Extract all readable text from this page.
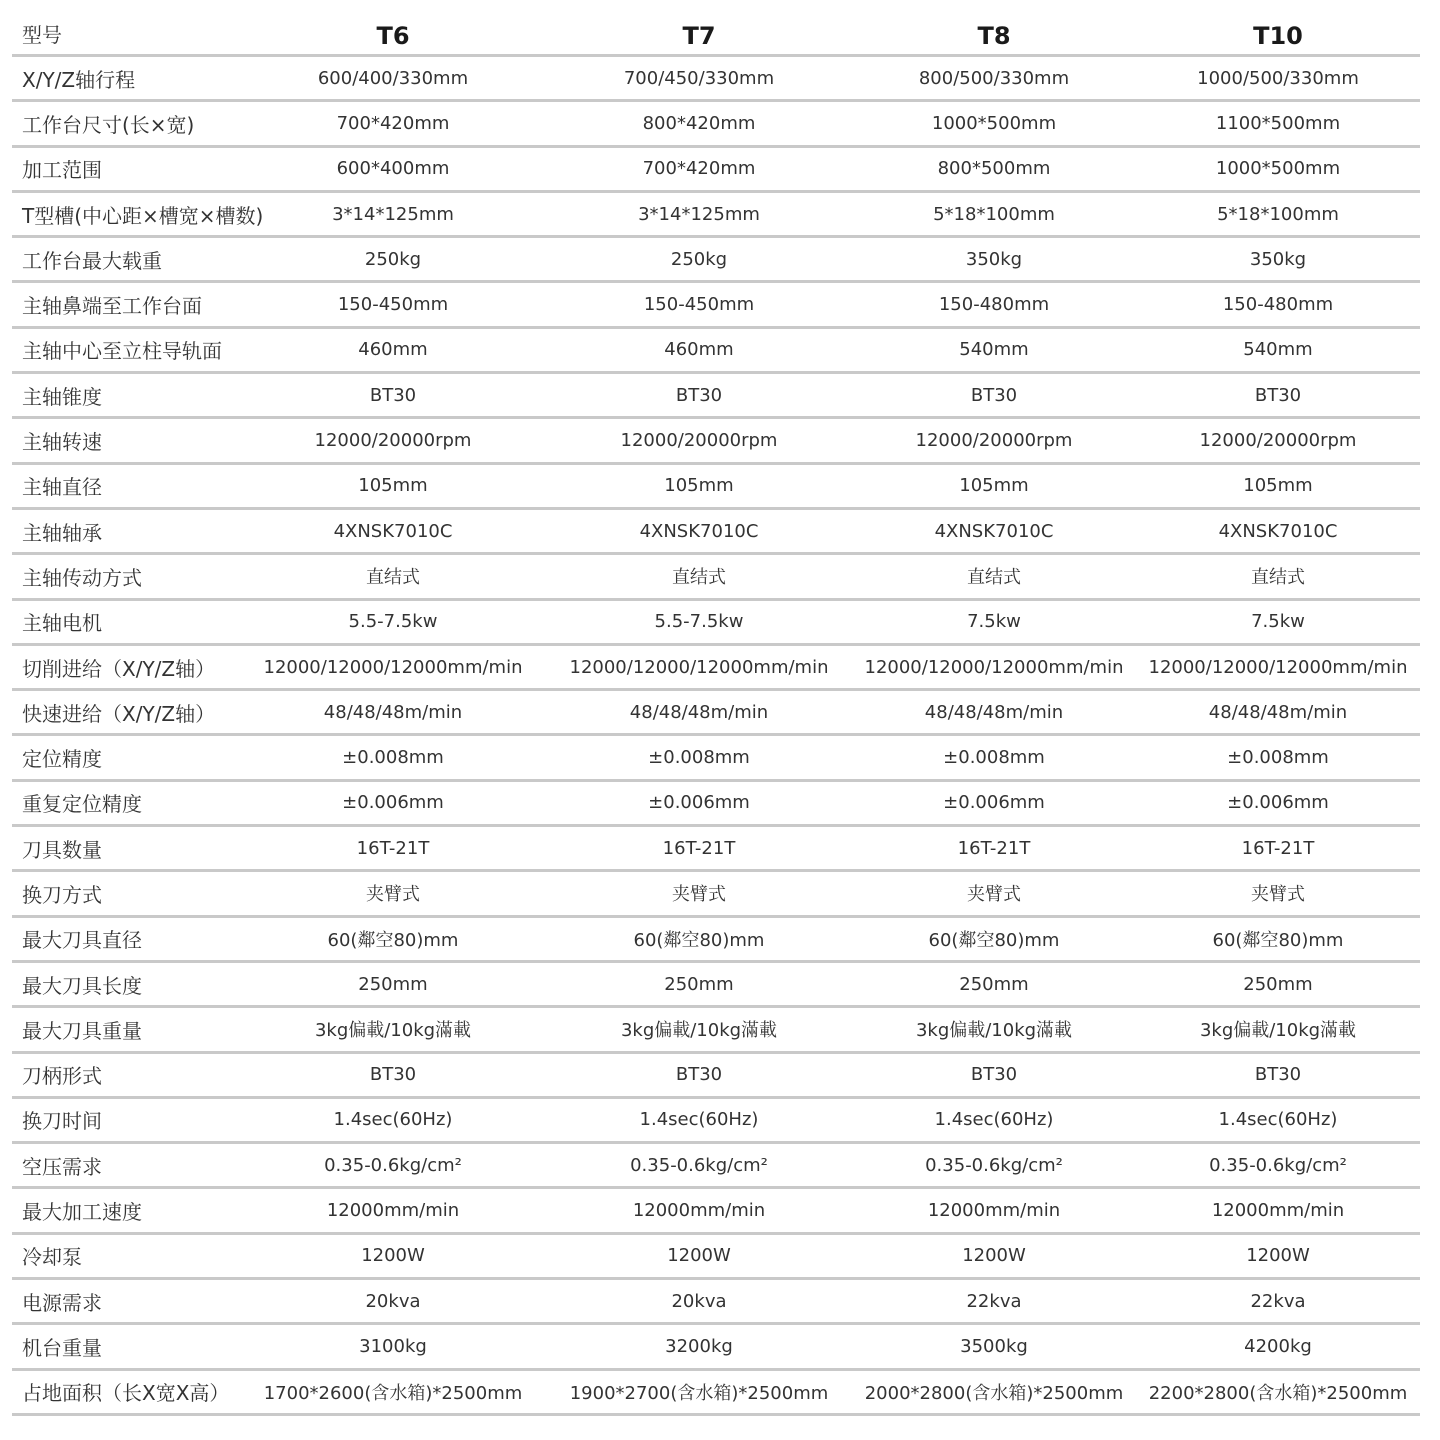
型号	T6	T7	T8	T10
X/Y/Z轴行程	600/400/330mm	700/450/330mm	800/500/330mm	1000/500/330mm
工作台尺寸(长×宽)	700*420mm	800*420mm	1000*500mm	1100*500mm
加工范围	600*400mm	700*420mm	800*500mm	1000*500mm
T型槽(中心距×槽宽×槽数)	3*14*125mm	3*14*125mm	5*18*100mm	5*18*100mm
工作台最大载重	250kg	250kg	350kg	350kg
主轴鼻端至工作台面	150-450mm	150-450mm	150-480mm	150-480mm
主轴中心至立柱导轨面	460mm	460mm	540mm	540mm
主轴锥度	BT30	BT30	BT30	BT30
主轴转速	12000/20000rpm	12000/20000rpm	12000/20000rpm	12000/20000rpm
主轴直径	105mm	105mm	105mm	105mm
主轴轴承	4XNSK7010C	4XNSK7010C	4XNSK7010C	4XNSK7010C
主轴传动方式	直结式	直结式	直结式	直结式
主轴电机	5.5-7.5kw	5.5-7.5kw	7.5kw	7.5kw
切削进给（X/Y/Z轴）	12000/12000/12000mm/min	12000/12000/12000mm/min	12000/12000/12000mm/min	12000/12000/12000mm/min
快速进给（X/Y/Z轴）	48/48/48m/min	48/48/48m/min	48/48/48m/min	48/48/48m/min
定位精度	±0.008mm	±0.008mm	±0.008mm	±0.008mm
重复定位精度	±0.006mm	±0.006mm	±0.006mm	±0.006mm
刀具数量	16T-21T	16T-21T	16T-21T	16T-21T
换刀方式	夹臂式	夹臂式	夹臂式	夹臂式
最大刀具直径	60(鄰空80)mm	60(鄰空80)mm	60(鄰空80)mm	60(鄰空80)mm
最大刀具长度	250mm	250mm	250mm	250mm
最大刀具重量	3kg偏載/10kg滿載	3kg偏載/10kg滿載	3kg偏載/10kg滿載	3kg偏載/10kg滿載
刀柄形式	BT30	BT30	BT30	BT30
换刀时间	1.4sec(60Hz)	1.4sec(60Hz)	1.4sec(60Hz)	1.4sec(60Hz)
空压需求	0.35-0.6kg/cm²	0.35-0.6kg/cm²	0.35-0.6kg/cm²	0.35-0.6kg/cm²
最大加工速度	12000mm/min	12000mm/min	12000mm/min	12000mm/min
冷却泵	1200W	1200W	1200W	1200W
电源需求	20kva	20kva	22kva	22kva
机台重量	3100kg	3200kg	3500kg	4200kg
占地面积（长X宽X高）	1700*2600(含水箱)*2500mm	1900*2700(含水箱)*2500mm	2000*2800(含水箱)*2500mm	2200*2800(含水箱)*2500mm
